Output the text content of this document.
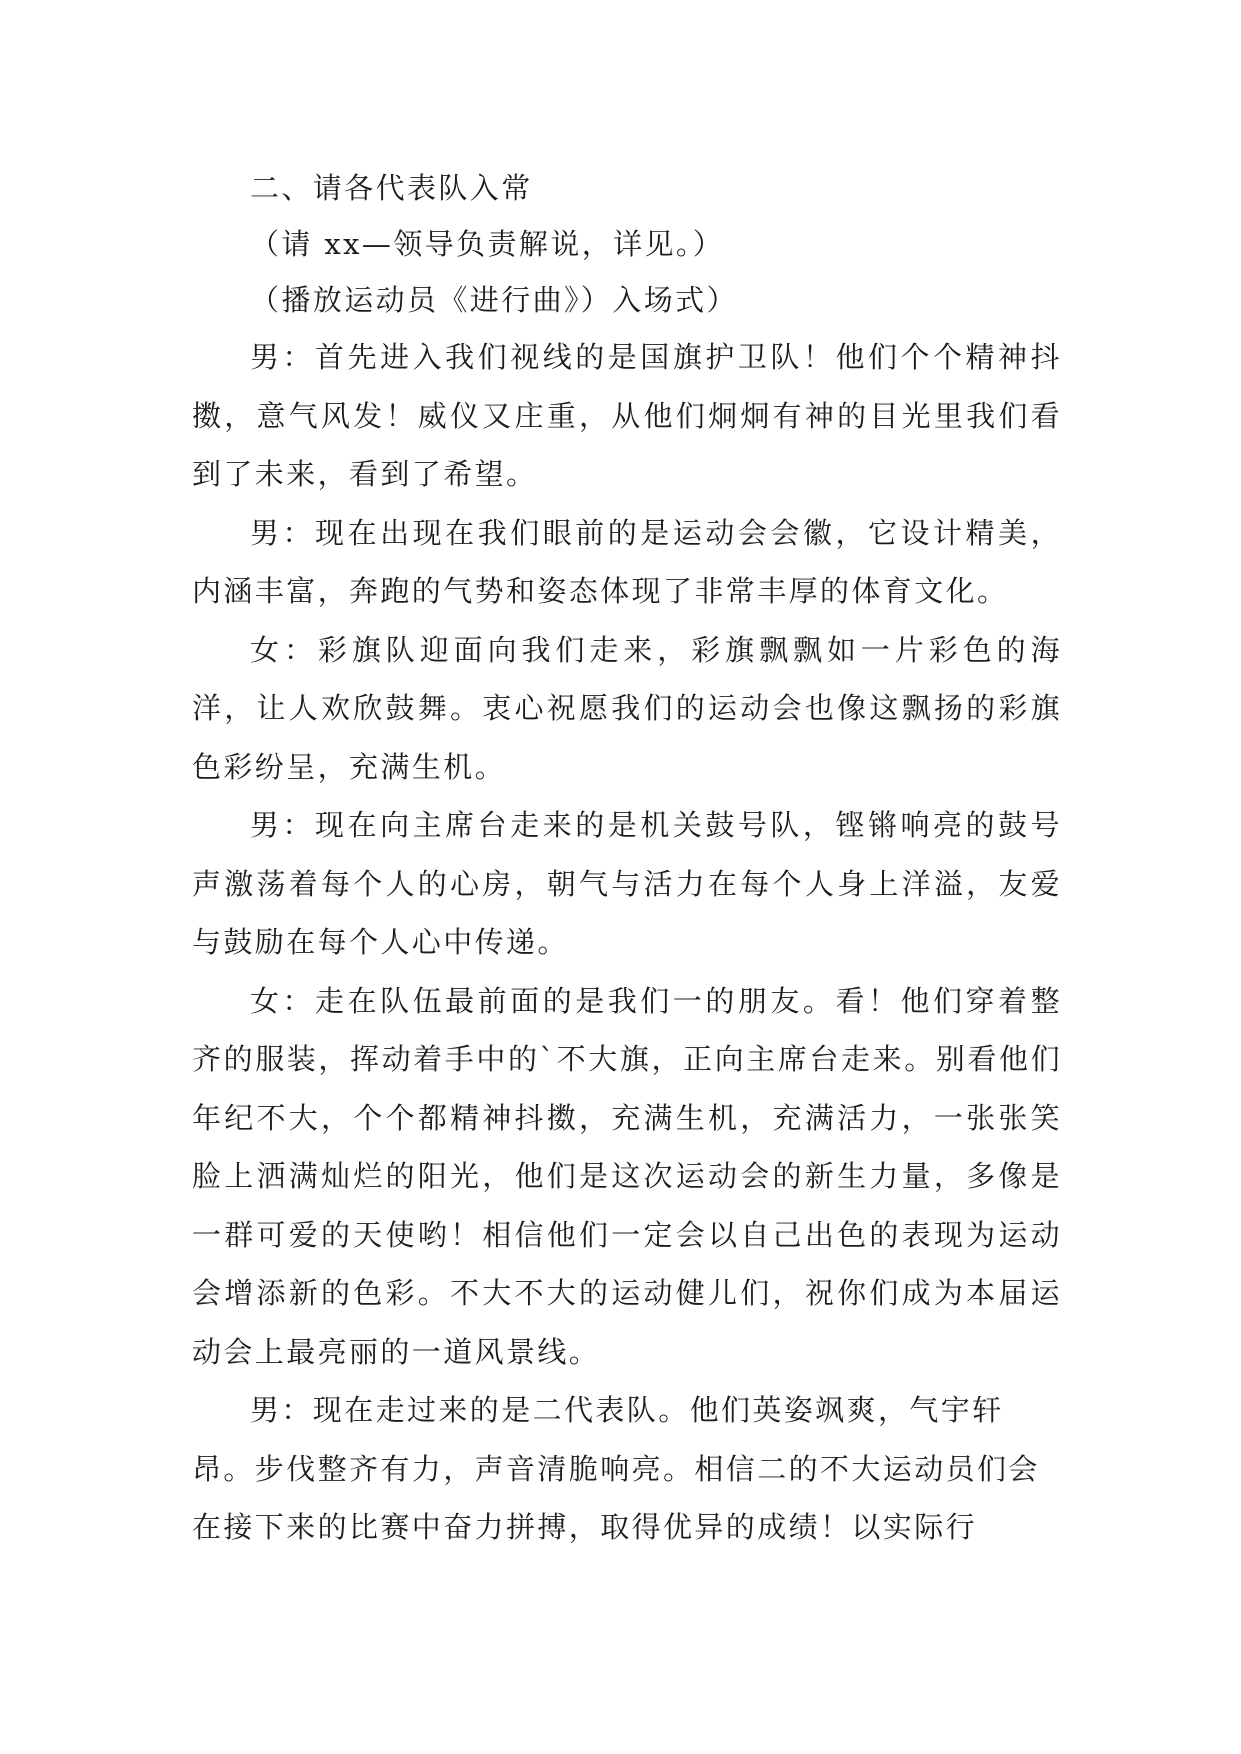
二、请各代表队入常

（请 xx—领导负责解说，详见。）

（播放运动员《进行曲》）入场式）

男：首先进入我们视线的是国旗护卫队！他们个个精神抖擞，意气风发！威仪又庄重，从他们炯炯有神的目光里我们看到了未来，看到了希望。

男：现在出现在我们眼前的是运动会会徽，它设计精美，内涵丰富，奔跑的气势和姿态体现了非常丰厚的体育文化。

女：彩旗队迎面向我们走来，彩旗飘飘如一片彩色的海洋，让人欢欣鼓舞。衷心祝愿我们的运动会也像这飘扬的彩旗色彩纷呈，充满生机。

男：现在向主席台走来的是机关鼓号队，铿锵响亮的鼓号声激荡着每个人的心房，朝气与活力在每个人身上洋溢，友爱与鼓励在每个人心中传递。

女：走在队伍最前面的是我们一的朋友。看！他们穿着整齐的服装，挥动着手中的`不大旗，正向主席台走来。别看他们年纪不大，个个都精神抖擞，充满生机，充满活力，一张张笑脸上洒满灿烂的阳光，他们是这次运动会的新生力量，多像是一群可爱的天使哟！相信他们一定会以自己出色的表现为运动会增添新的色彩。不大不大的运动健儿们，祝你们成为本届运动会上最亮丽的一道风景线。

男：现在走过来的是二代表队。他们英姿飒爽，气宇轩昂。步伐整齐有力，声音清脆响亮。相信二的不大运动员们会在接下来的比赛中奋力拼搏，取得优异的成绩！以实际行
